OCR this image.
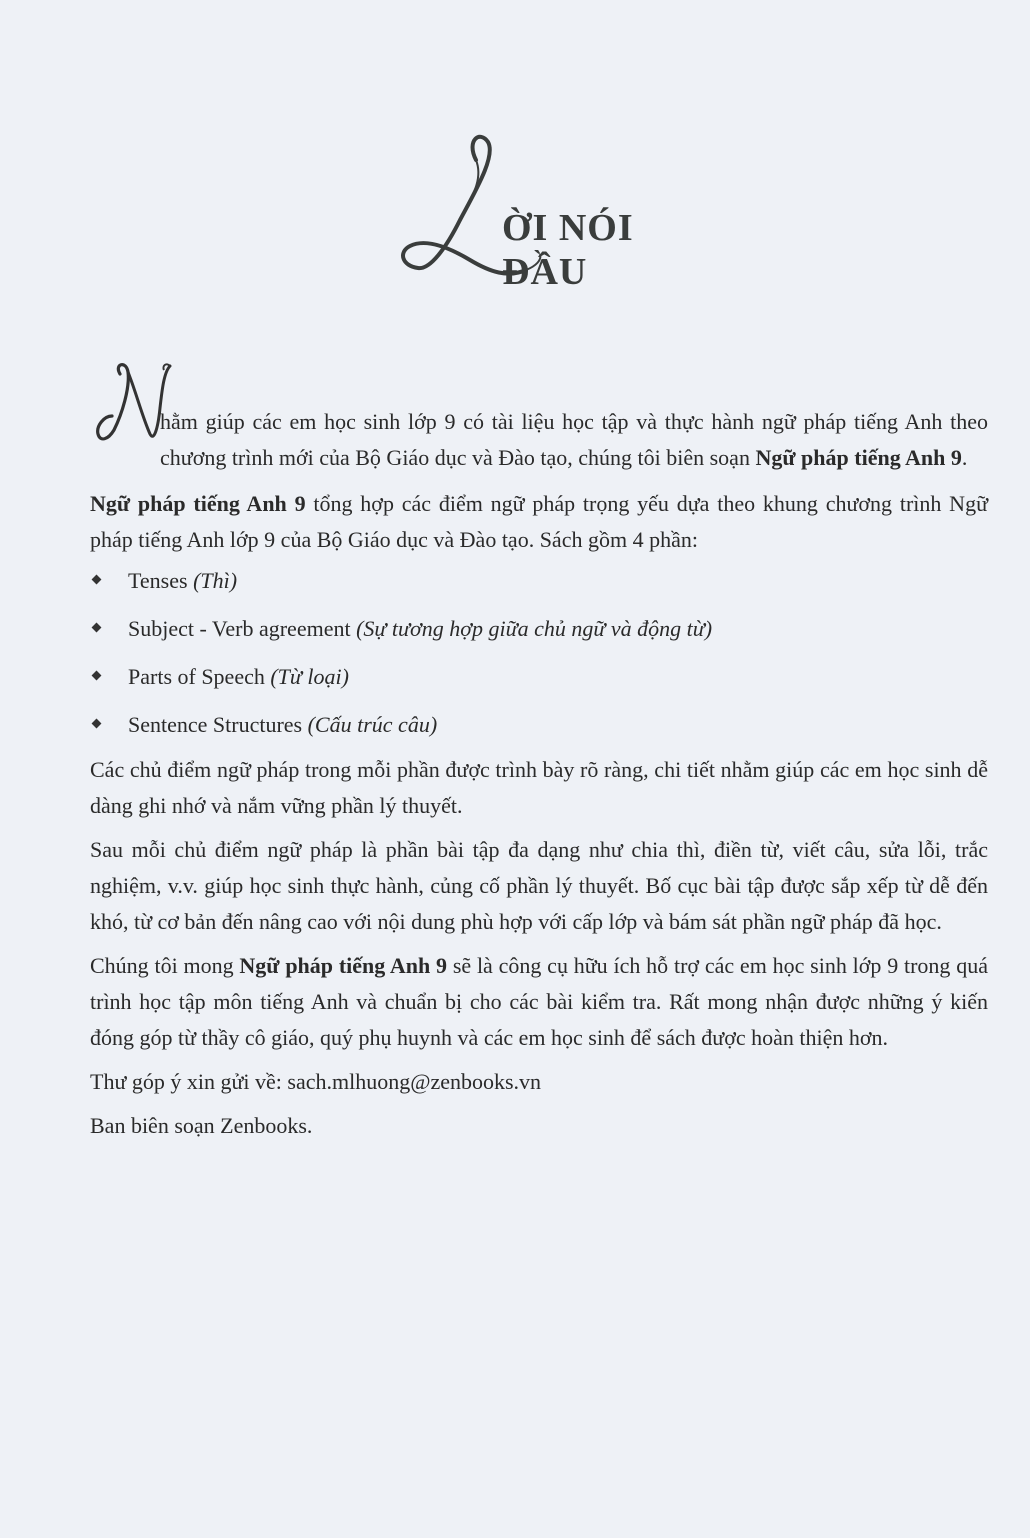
L
ỜI NÓI ĐẦU

hằm giúp các em học sinh lớp 9 có tài liệu học tập và thực hành ngữ pháp tiếng Anh theo chương trình mới của Bộ Giáo dục và Đào tạo, chúng tôi biên soạn Ngữ pháp tiếng Anh 9.

Ngữ pháp tiếng Anh 9 tổng hợp các điểm ngữ pháp trọng yếu dựa theo khung chương trình Ngữ pháp tiếng Anh lớp 9 của Bộ Giáo dục và Đào tạo. Sách gồm 4 phần:

Tenses (Thì)
Subject - Verb agreement (Sự tương hợp giữa chủ ngữ và động từ)
Parts of Speech (Từ loại)
Sentence Structures (Cấu trúc câu)

Các chủ điểm ngữ pháp trong mỗi phần được trình bày rõ ràng, chi tiết nhằm giúp các em học sinh dễ dàng ghi nhớ và nắm vững phần lý thuyết.

Sau mỗi chủ điểm ngữ pháp là phần bài tập đa dạng như chia thì, điền từ, viết câu, sửa lỗi, trắc nghiệm, v.v. giúp học sinh thực hành, củng cố phần lý thuyết. Bố cục bài tập được sắp xếp từ dễ đến khó, từ cơ bản đến nâng cao với nội dung phù hợp với cấp lớp và bám sát phần ngữ pháp đã học.

Chúng tôi mong Ngữ pháp tiếng Anh 9 sẽ là công cụ hữu ích hỗ trợ các em học sinh lớp 9 trong quá trình học tập môn tiếng Anh và chuẩn bị cho các bài kiểm tra. Rất mong nhận được những ý kiến đóng góp từ thầy cô giáo, quý phụ huynh và các em học sinh để sách được hoàn thiện hơn.

Thư góp ý xin gửi về: sach.mlhuong@zenbooks.vn

Ban biên soạn Zenbooks.
